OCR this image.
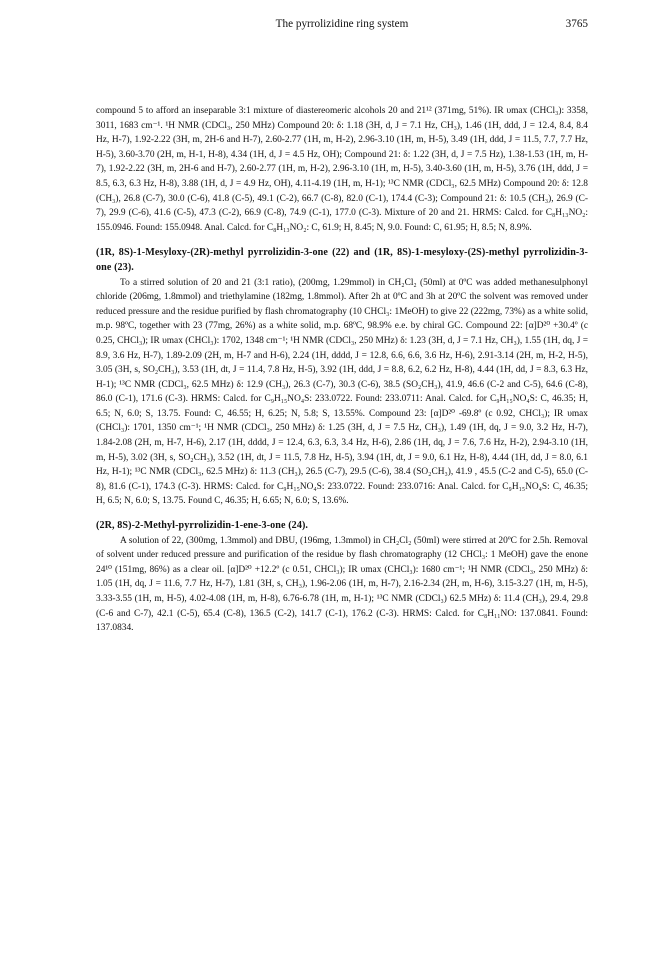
The pyrrolizidine ring system	3765

compound 5 to afford an inseparable 3:1 mixture of diastereomeric alcohols 20 and 21¹² (371mg, 51%). IR υmax (CHCl₃): 3358, 3011, 1683 cm⁻¹. ¹H NMR (CDCl₃, 250 MHz) Compound 20: δ: 1.18 (3H, d, J = 7.1 Hz, CH₃), 1.46 (1H, ddd, J = 12.4, 8.4, 8.4 Hz, H-7), 1.92-2.22 (3H, m, 2H-6 and H-7), 2.60-2.77 (1H, m, H-2), 2.96-3.10 (1H, m, H-5), 3.49 (1H, ddd, J = 11.5, 7.7, 7.7 Hz, H-5), 3.60-3.70 (2H, m, H-1, H-8), 4.34 (1H, d, J = 4.5 Hz, OH); Compound 21: δ: 1.22 (3H, d, J = 7.5 Hz), 1.38-1.53 (1H, m, H-7), 1.92-2.22 (3H, m, 2H-6 and H-7), 2.60-2.77 (1H, m, H-2), 2.96-3.10 (1H, m, H-5), 3.40-3.60 (1H, m, H-5), 3.76 (1H, ddd, J = 8.5, 6.3, 6.3 Hz, H-8), 3.88 (1H, d, J = 4.9 Hz, OH), 4.11-4.19 (1H, m, H-1); ¹³C NMR (CDCl₃, 62.5 MHz) Compound 20: δ: 12.8 (CH₃), 26.8 (C-7), 30.0 (C-6), 41.8 (C-5), 49.1 (C-2), 66.7 (C-8), 82.0 (C-1), 174.4 (C-3); Compound 21: δ: 10.5 (CH₃), 26.9 (C-7), 29.9 (C-6), 41.6 (C-5), 47.3 (C-2), 66.9 (C-8), 74.9 (C-1), 177.0 (C-3). Mixture of 20 and 21. HRMS: Calcd. for C₈H₁₃NO₂: 155.0946. Found: 155.0948. Anal. Calcd. for C₈H₁₃NO₂: C, 61.9; H, 8.45; N, 9.0. Found: C, 61.95; H, 8.5; N, 8.9%.

(1R, 8S)-1-Mesyloxy-(2R)-methyl pyrrolizidin-3-one (22) and (1R, 8S)-1-mesyloxy-(2S)-methyl pyrrolizidin-3-one (23).

To a stirred solution of 20 and 21 (3:1 ratio), (200mg, 1.29mmol) in CH₂Cl₂ (50ml) at 0ºC was added methanesulphonyl chloride (206mg, 1.8mmol) and triethylamine (182mg, 1.8mmol). After 2h at 0ºC and 3h at 20ºC the solvent was removed under reduced pressure and the residue purified by flash chromatography (10 CHCl₃: 1MeOH) to give 22 (222mg, 73%) as a white solid, m.p. 98ºC, together with 23 (77mg, 26%) as a white solid, m.p. 68ºC, 98.9% e.e. by chiral GC. Compound 22: [α]D²⁰ +30.4º (c 0.25, CHCl₃); IR υmax (CHCl₃): 1702, 1348 cm⁻¹; ¹H NMR (CDCl₃, 250 MHz) δ: 1.23 (3H, d, J = 7.1 Hz, CH₃), 1.55 (1H, dq, J = 8.9, 3.6 Hz, H-7), 1.89-2.09 (2H, m, H-7 and H-6), 2.24 (1H, dddd, J = 12.8, 6.6, 6.6, 3.6 Hz, H-6), 2.91-3.14 (2H, m, H-2, H-5), 3.05 (3H, s, SO₂CH₃), 3.53 (1H, dt, J = 11.4, 7.8 Hz, H-5), 3.92 (1H, ddd, J = 8.8, 6.2, 6.2 Hz, H-8), 4.44 (1H, dd, J = 8.3, 6.3 Hz, H-1); ¹³C NMR (CDCl₃, 62.5 MHz) δ: 12.9 (CH₃), 26.3 (C-7), 30.3 (C-6), 38.5 (SO₂CH₃), 41.9, 46.6 (C-2 and C-5), 64.6 (C-8), 86.0 (C-1), 171.6 (C-3). HRMS: Calcd. for C₉H₁₅NO₄S: 233.0722. Found: 233.0711: Anal. Calcd. for C₉H₁₅NO₄S: C, 46.35; H, 6.5; N, 6.0; S, 13.75. Found: C, 46.55; H, 6.25; N, 5.8; S, 13.55%. Compound 23: [α]D²⁰ -69.8º (c 0.92, CHCl₃); IR υmax (CHCl₃): 1701, 1350 cm⁻¹; ¹H NMR (CDCl₃, 250 MHz) δ: 1.25 (3H, d, J = 7.5 Hz, CH₃), 1.49 (1H, dq, J = 9.0, 3.2 Hz, H-7), 1.84-2.08 (2H, m, H-7, H-6), 2.17 (1H, dddd, J = 12.4, 6.3, 6.3, 3.4 Hz, H-6), 2.86 (1H, dq, J = 7.6, 7.6 Hz, H-2), 2.94-3.10 (1H, m, H-5), 3.02 (3H, s, SO₂CH₃), 3.52 (1H, dt, J = 11.5, 7.8 Hz, H-5), 3.94 (1H, dt, J = 9.0, 6.1 Hz, H-8), 4.44 (1H, dd, J = 8.0, 6.1 Hz, H-1); ¹³C NMR (CDCl₃, 62.5 MHz) δ: 11.3 (CH₃), 26.5 (C-7), 29.5 (C-6), 38.4 (SO₂CH₃), 41.9 , 45.5 (C-2 and C-5), 65.0 (C-8), 81.6 (C-1), 174.3 (C-3). HRMS: Calcd. for C₉H₁₅NO₄S: 233.0722. Found: 233.0716: Anal. Calcd. for C₉H₁₅NO₄S: C, 46.35; H, 6.5; N, 6.0; S, 13.75. Found C, 46.35; H, 6.65; N, 6.0; S, 13.6%.

(2R, 8S)-2-Methyl-pyrrolizidin-1-ene-3-one (24).

A solution of 22, (300mg, 1.3mmol) and DBU, (196mg, 1.3mmol) in CH₂Cl₂ (50ml) were stirred at 20ºC for 2.5h. Removal of solvent under reduced pressure and purification of the residue by flash chromatography (12 CHCl₃: 1 MeOH) gave the enone 24¹⁰ (151mg, 86%) as a clear oil. [α]D²⁰ +12.2º (c 0.51, CHCl₃); IR υmax (CHCl₃): 1680 cm⁻¹; ¹H NMR (CDCl₃, 250 MHz) δ: 1.05 (1H, dq, J = 11.6, 7.7 Hz, H-7), 1.81 (3H, s, CH₃), 1.96-2.06 (1H, m, H-7), 2.16-2.34 (2H, m, H-6), 3.15-3.27 (1H, m, H-5), 3.33-3.55 (1H, m, H-5), 4.02-4.08 (1H, m, H-8), 6.76-6.78 (1H, m, H-1); ¹³C NMR (CDCl₃) 62.5 MHz) δ: 11.4 (CH₃), 29.4, 29.8 (C-6 and C-7), 42.1 (C-5), 65.4 (C-8), 136.5 (C-2), 141.7 (C-1), 176.2 (C-3). HRMS: Calcd. for C₈H₁₁NO: 137.0841. Found: 137.0834.
